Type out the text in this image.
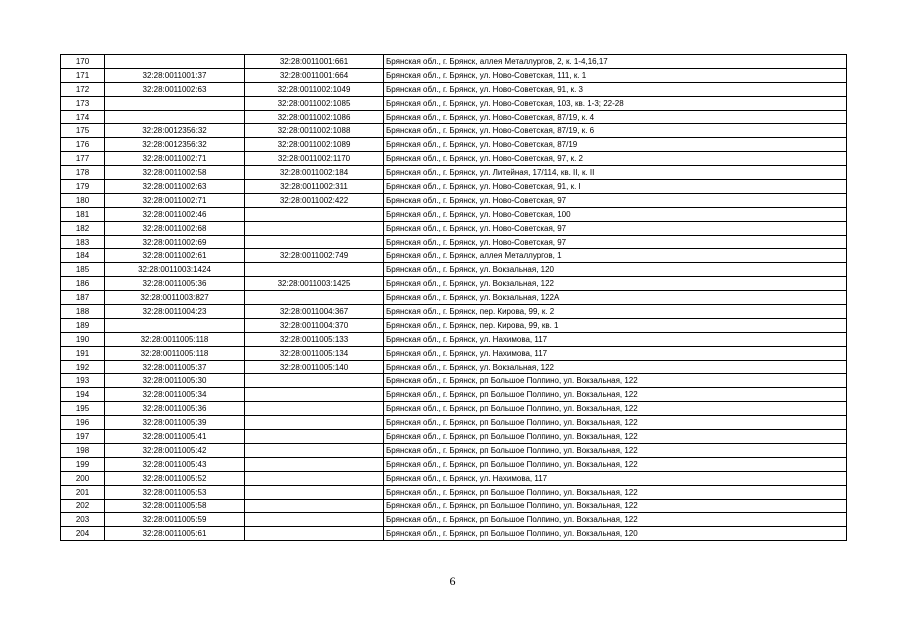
170		32:28:0011001:661	Брянская обл., г. Брянск, аллея Металлургов, 2, к. 1-4,16,17
171	32:28:0011001:37	32:28:0011001:664	Брянская обл., г. Брянск, ул. Ново-Советская, 111, к. 1
172	32:28:0011002:63	32:28:0011002:1049	Брянская обл., г. Брянск, ул. Ново-Советская, 91, к. 3
173		32:28:0011002:1085	Брянская обл., г. Брянск, ул. Ново-Советская, 103, кв. 1-3; 22-28
174		32:28:0011002:1086	Брянская обл., г. Брянск, ул. Ново-Советская, 87/19, к. 4
175	32:28:0012356:32	32:28:0011002:1088	Брянская обл., г. Брянск, ул. Ново-Советская, 87/19, к. 6
176	32:28:0012356:32	32:28:0011002:1089	Брянская обл., г. Брянск, ул. Ново-Советская, 87/19
177	32:28:0011002:71	32:28:0011002:1170	Брянская обл., г. Брянск, ул. Ново-Советская, 97, к. 2
178	32:28:0011002:58	32:28:0011002:184	Брянская обл., г. Брянск, ул. Литейная, 17/114, кв. II, к. II
179	32:28:0011002:63	32:28:0011002:311	Брянская обл., г. Брянск, ул. Ново-Советская, 91, к. I
180	32:28:0011002:71	32:28:0011002:422	Брянская обл., г. Брянск, ул. Ново-Советская, 97
181	32:28:0011002:46		Брянская обл., г. Брянск, ул. Ново-Советская, 100
182	32:28:0011002:68		Брянская обл., г. Брянск, ул. Ново-Советская, 97
183	32:28:0011002:69		Брянская обл., г. Брянск, ул. Ново-Советская, 97
184	32:28:0011002:61	32:28:0011002:749	Брянская обл., г. Брянск, аллея Металлургов, 1
185	32:28:0011003:1424		Брянская обл., г. Брянск, ул. Вокзальная, 120
186	32:28:0011005:36	32:28:0011003:1425	Брянская обл., г. Брянск, ул. Вокзальная, 122
187	32:28:0011003:827		Брянская обл., г. Брянск, ул. Вокзальная, 122А
188	32:28:0011004:23	32:28:0011004:367	Брянская обл., г. Брянск, пер. Кирова, 99, к. 2
189		32:28:0011004:370	Брянская обл., г. Брянск, пер. Кирова, 99, кв. 1
190	32:28:0011005:118	32:28:0011005:133	Брянская обл., г. Брянск, ул. Нахимова, 117
191	32:28:0011005:118	32:28:0011005:134	Брянская обл., г. Брянск, ул. Нахимова, 117
192	32:28:0011005:37	32:28:0011005:140	Брянская обл., г. Брянск, ул. Вокзальная, 122
193	32:28:0011005:30		Брянская обл., г. Брянск, рп Большое Полпино, ул. Вокзальная, 122
194	32:28:0011005:34		Брянская обл., г. Брянск, рп Большое Полпино, ул. Вокзальная, 122
195	32:28:0011005:36		Брянская обл., г. Брянск, рп Большое Полпино, ул. Вокзальная, 122
196	32:28:0011005:39		Брянская обл., г. Брянск, рп Большое Полпино, ул. Вокзальная, 122
197	32:28:0011005:41		Брянская обл., г. Брянск, рп Большое Полпино, ул. Вокзальная, 122
198	32:28:0011005:42		Брянская обл., г. Брянск, рп Большое Полпино, ул. Вокзальная, 122
199	32:28:0011005:43		Брянская обл., г. Брянск, рп Большое Полпино, ул. Вокзальная, 122
200	32:28:0011005:52		Брянская обл., г. Брянск, ул. Нахимова, 117
201	32:28:0011005:53		Брянская обл., г. Брянск, рп Большое Полпино, ул. Вокзальная, 122
202	32:28:0011005:58		Брянская обл., г. Брянск, рп Большое Полпино, ул. Вокзальная, 122
203	32:28:0011005:59		Брянская обл., г. Брянск, рп Большое Полпино, ул. Вокзальная, 122
204	32:28:0011005:61		Брянская обл., г. Брянск, рп Большое Полпино, ул. Вокзальная, 120
6
